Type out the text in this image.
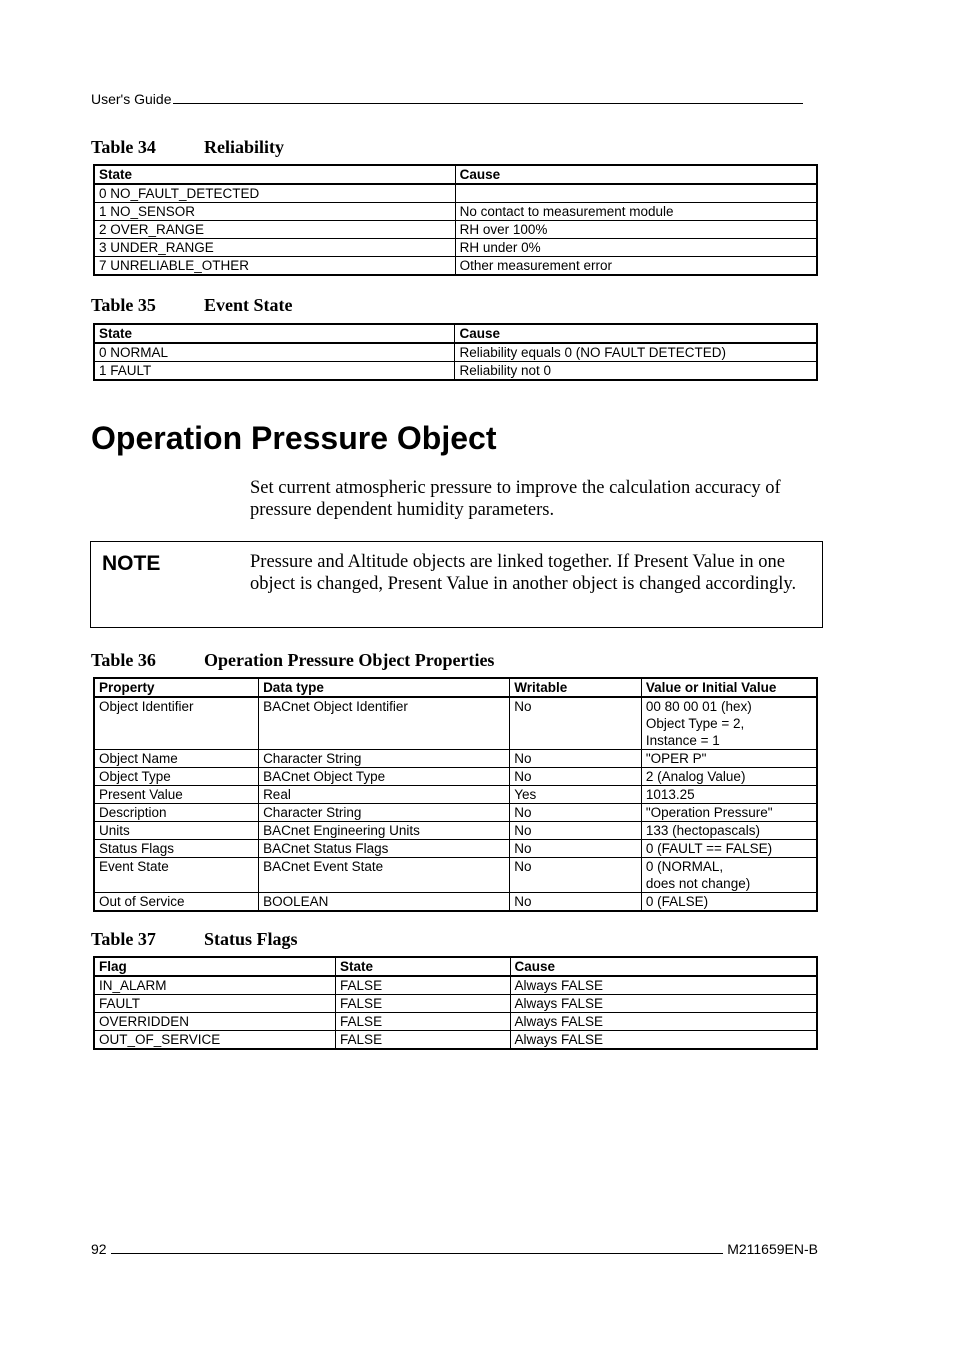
User's Guide
Table 34	Reliability
State	Cause
0 NO_FAULT_DETECTED	
1 NO_SENSOR	No contact to measurement module
2 OVER_RANGE	RH over 100%
3 UNDER_RANGE	RH under 0%
7 UNRELIABLE_OTHER	Other measurement error
Table 35	Event State
State	Cause
0 NORMAL	Reliability equals 0 (NO FAULT DETECTED)
1 FAULT	Reliability not 0
Operation Pressure Object
Set current atmospheric pressure to improve the calculation accuracy of pressure dependent humidity parameters.
NOTE	Pressure and Altitude objects are linked together. If Present Value in one object is changed, Present Value in another object is changed accordingly.
Table 36	Operation Pressure Object Properties
Property	Data type	Writable	Value or Initial Value
Object Identifier	BACnet Object Identifier	No	00 80 00 01 (hex)
Object Type = 2,
Instance = 1
Object Name	Character String	No	"OPER P"
Object Type	BACnet Object Type	No	2 (Analog Value)
Present Value	Real	Yes	1013.25
Description	Character String	No	"Operation Pressure"
Units	BACnet Engineering Units	No	133 (hectopascals)
Status Flags	BACnet Status Flags	No	0 (FAULT == FALSE)
Event State	BACnet Event State	No	0 (NORMAL,
does not change)
Out of Service	BOOLEAN	No	0 (FALSE)
Table 37	Status Flags
Flag	State	Cause
IN_ALARM	FALSE	Always FALSE
FAULT	FALSE	Always FALSE
OVERRIDDEN	FALSE	Always FALSE
OUT_OF_SERVICE	FALSE	Always FALSE
92	M211659EN-B
